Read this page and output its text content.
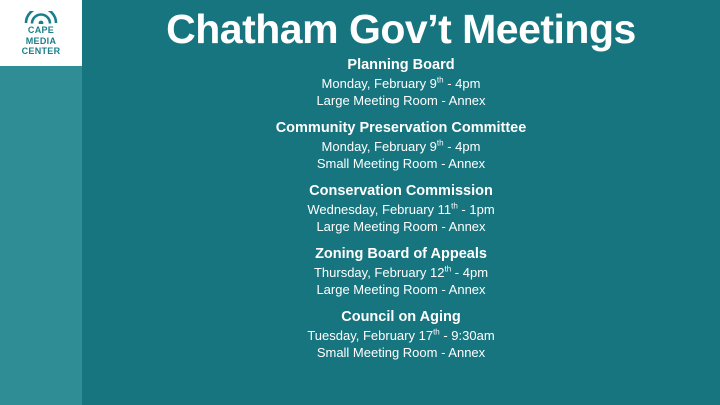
CAPE
MEDIA
CENTER	Chatham Gov’t Meetings
Planning Board
Monday, February 9th - 4pm
Large Meeting Room - Annex
Community Preservation Committee
Monday, February 9th - 4pm
Small Meeting Room - Annex
Conservation Commission
Wednesday, February 11th - 1pm
Large Meeting Room - Annex
Zoning Board of Appeals
Thursday, February 12th - 4pm
Large Meeting Room - Annex
Council on Aging
Tuesday, February 17th - 9:30am
Small Meeting Room - Annex
